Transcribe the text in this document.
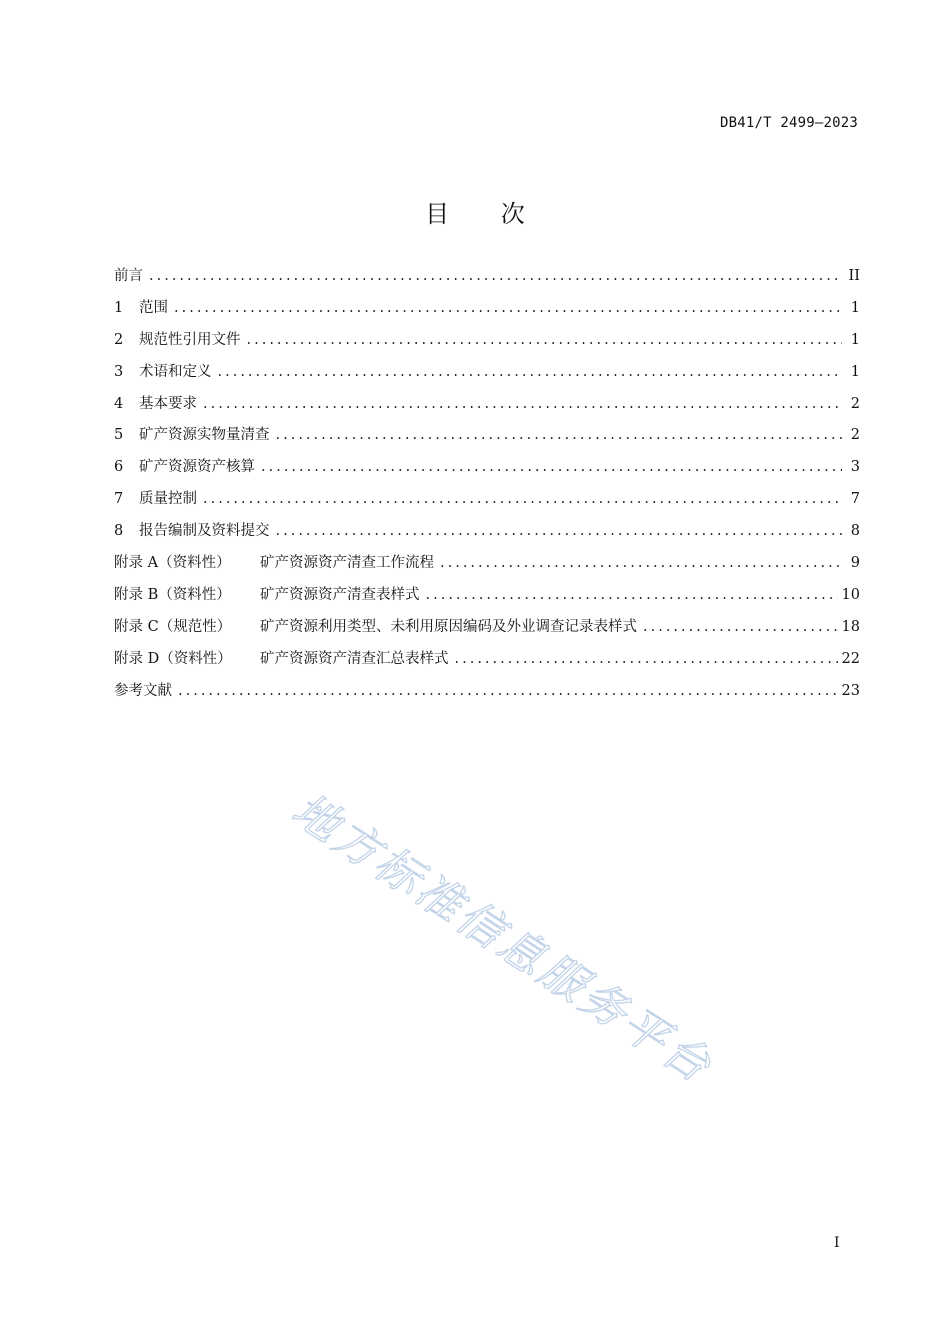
DB41/T 2499—2023
目 次
前言 .....	II
1	范围 .....	1
2	规范性引用文件 .....	1
3	术语和定义 .....	1
4	基本要求 .....	2
5	矿产资源实物量清查 .....	2
6	矿产资源资产核算 .....	3
7	质量控制 .....	7
8	报告编制及资料提交 .....	8
附录 A（资料性）	矿产资源资产清查工作流程 .....	9
附录 B（资料性）	矿产资源资产清查表样式 .....	10
附录 C（规范性）	矿产资源利用类型、未利用原因编码及外业调查记录表样式 .....	18
附录 D（资料性）	矿产资源资产清查汇总表样式 .....	22
参考文献 .....	23
地方标准信息服务平台
I
